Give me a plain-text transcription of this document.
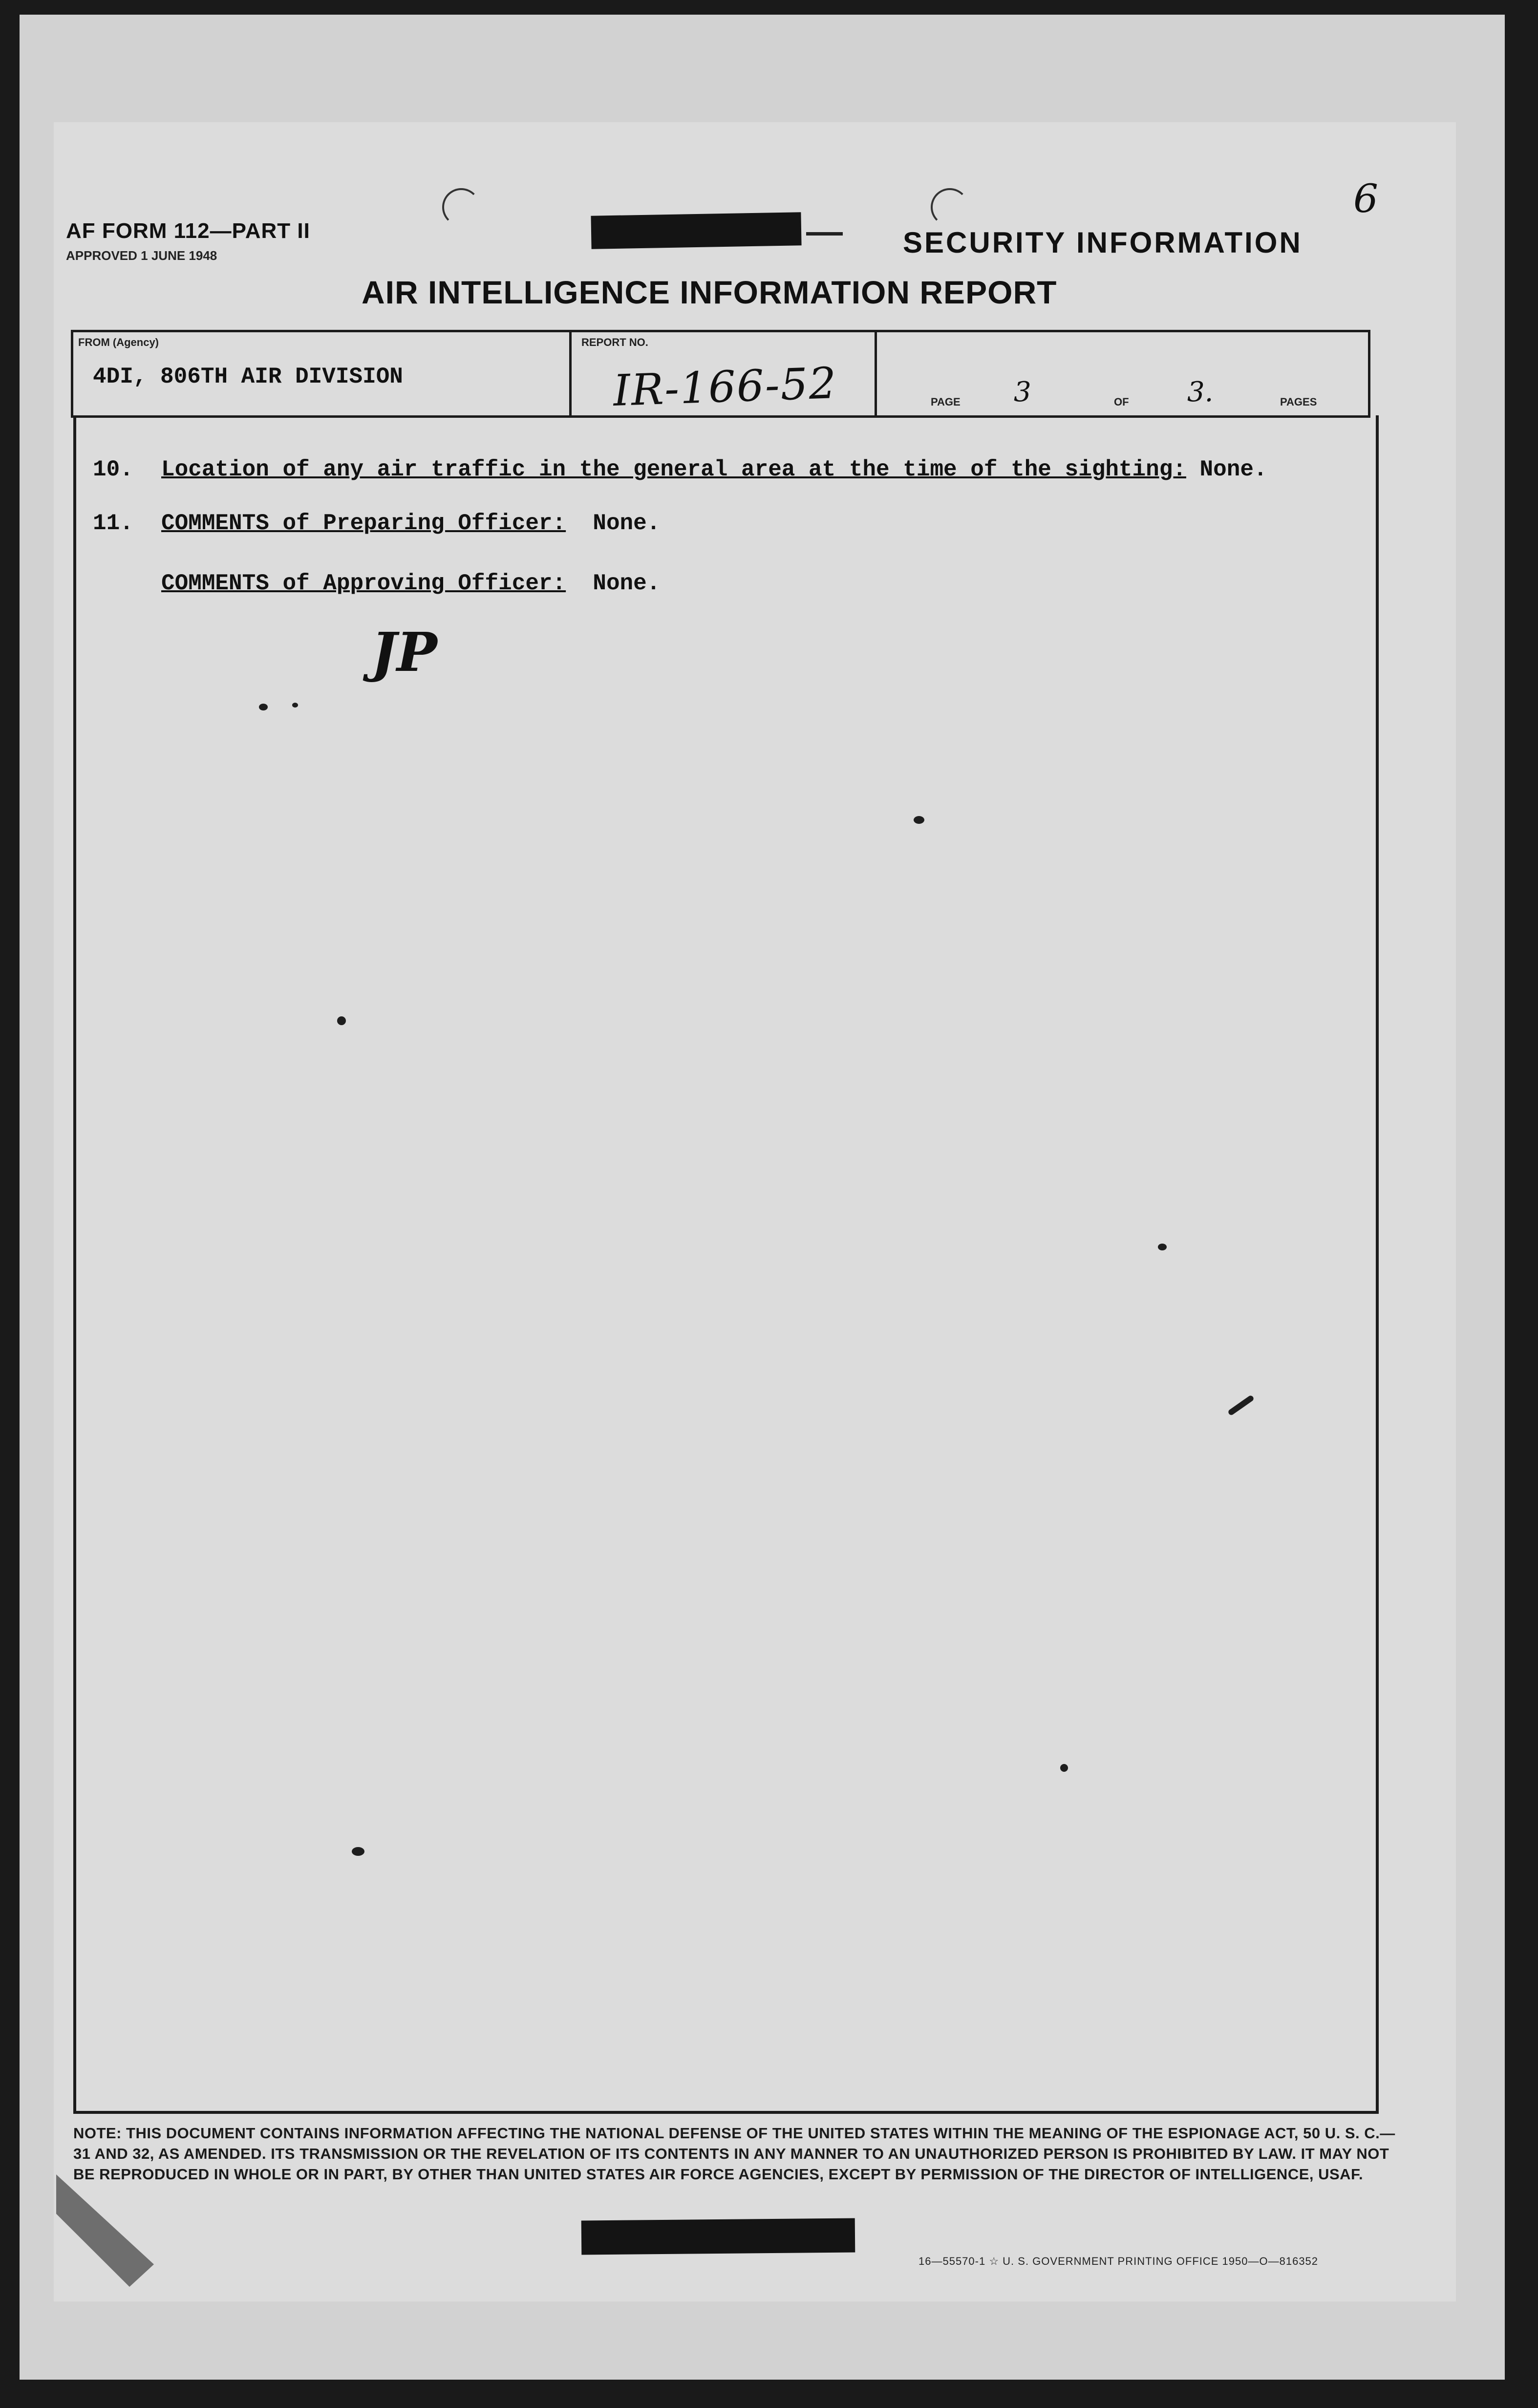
AF FORM 112—PART II
APPROVED 1 JUNE 1948	SECURITY INFORMATION
6
AIR INTELLIGENCE INFORMATION REPORT
FROM (Agency)
4DI, 806TH AIR DIVISION
REPORT NO.
IR-166-52	PAGE 3	OF 3.	PAGES
10. Location of any air traffic in the general area at the time of the sighting: None.
11. COMMENTS of Preparing Officer:  None.
COMMENTS of Approving Officer:  None.
JP
NOTE: THIS DOCUMENT CONTAINS INFORMATION AFFECTING THE NATIONAL DEFENSE OF THE UNITED STATES WITHIN THE MEANING OF THE ESPIONAGE ACT, 50 U. S. C.— 31 AND 32, AS AMENDED. ITS TRANSMISSION OR THE REVELATION OF ITS CONTENTS IN ANY MANNER TO AN UNAUTHORIZED PERSON IS PROHIBITED BY LAW. IT MAY NOT BE REPRODUCED IN WHOLE OR IN PART, BY OTHER THAN UNITED STATES AIR FORCE AGENCIES, EXCEPT BY PERMISSION OF THE DIRECTOR OF INTELLIGENCE, USAF.
16—55570-1 ☆ U. S. GOVERNMENT PRINTING OFFICE 1950—O—816352
